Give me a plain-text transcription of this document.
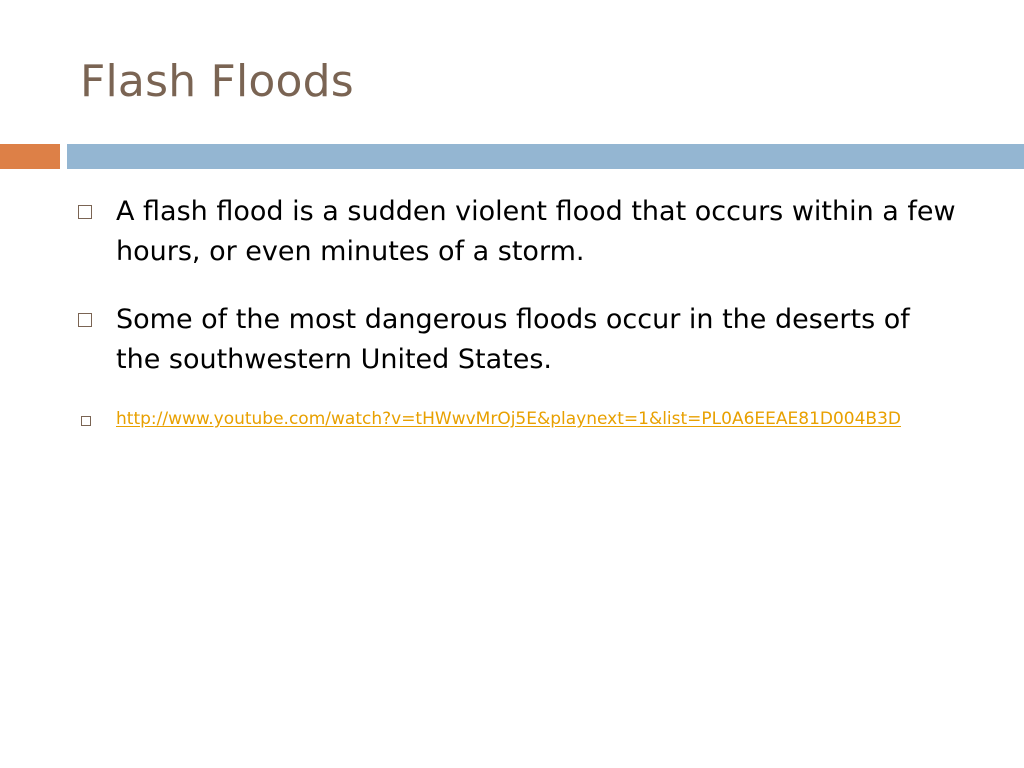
Flash Floods
A flash flood is a sudden violent flood that occurs within a few hours, or even minutes of a storm.
Some of the most dangerous floods occur in the deserts of the southwestern United States.
http://www.youtube.com/watch?v=tHWwvMrOj5E&playnext=1&list=PL0A6EEAE81D004B3D
